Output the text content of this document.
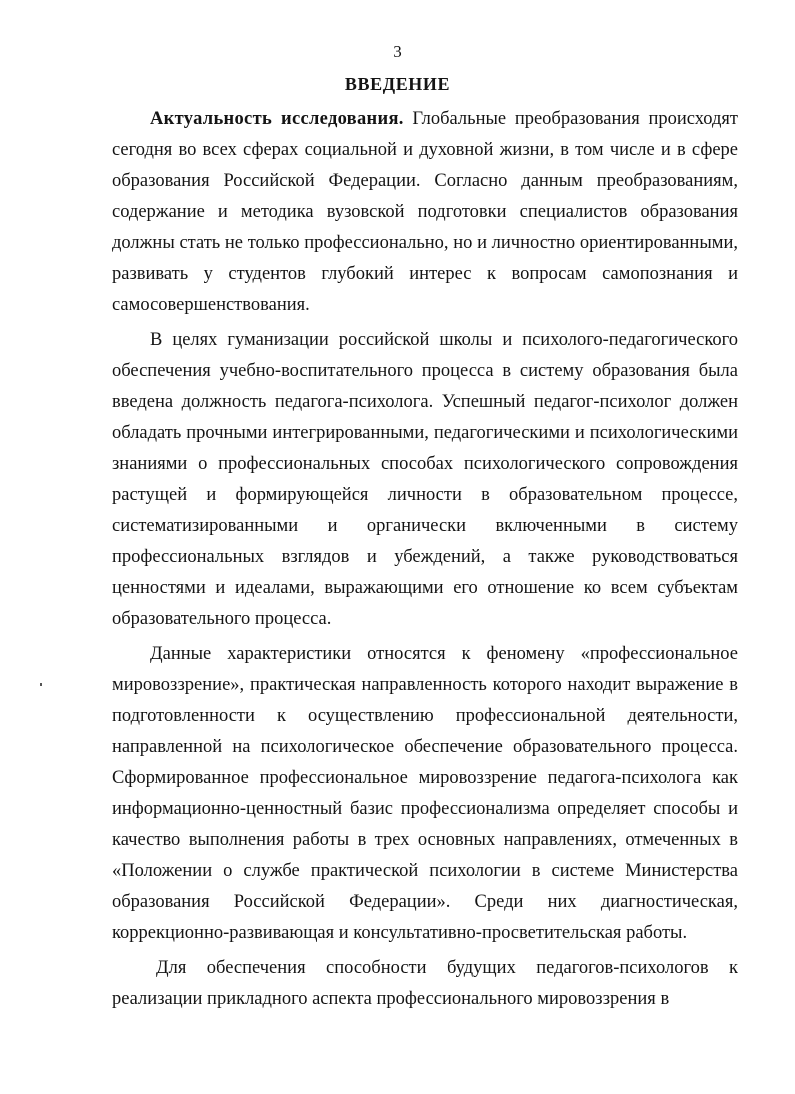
3
ВВЕДЕНИЕ

Актуальность исследования. Глобальные преобразования происходят сегодня во всех сферах социальной и духовной жизни, в том числе и в сфере образования Российской Федерации. Согласно данным преобразованиям, содержание и методика вузовской подготовки специалистов образования должны стать не только профессионально, но и личностно ориентированными, развивать у студентов глубокий интерес к вопросам самопознания и самосовершенствования.

В целях гуманизации российской школы и психолого-педагогического обеспечения учебно-воспитательного процесса в систему образования была введена должность педагога-психолога. Успешный педагог-психолог должен обладать прочными интегрированными, педагогическими и психологическими знаниями о профессиональных способах психологического сопровождения растущей и формирующейся личности в образовательном процессе, систематизированными и органически включенными в систему профессиональных взглядов и убеждений, а также руководствоваться ценностями и идеалами, выражающими его отношение ко всем субъектам образовательного процесса.

Данные характеристики относятся к феномену «профессиональное мировоззрение», практическая направленность которого находит выражение в подготовленности к осуществлению профессиональной деятельности, направленной на психологическое обеспечение образовательного процесса. Сформированное профессиональное мировоззрение педагога-психолога как информационно-ценностный базис профессионализма определяет способы и качество выполнения работы в трех основных направлениях, отмеченных в «Положении о службе практической психологии в системе Министерства образования Российской Федерации». Среди них диагностическая, коррекционно-развивающая и консультативно-просветительская работы.

Для обеспечения способности будущих педагогов-психологов к реализации прикладного аспекта профессионального мировоззрения в
